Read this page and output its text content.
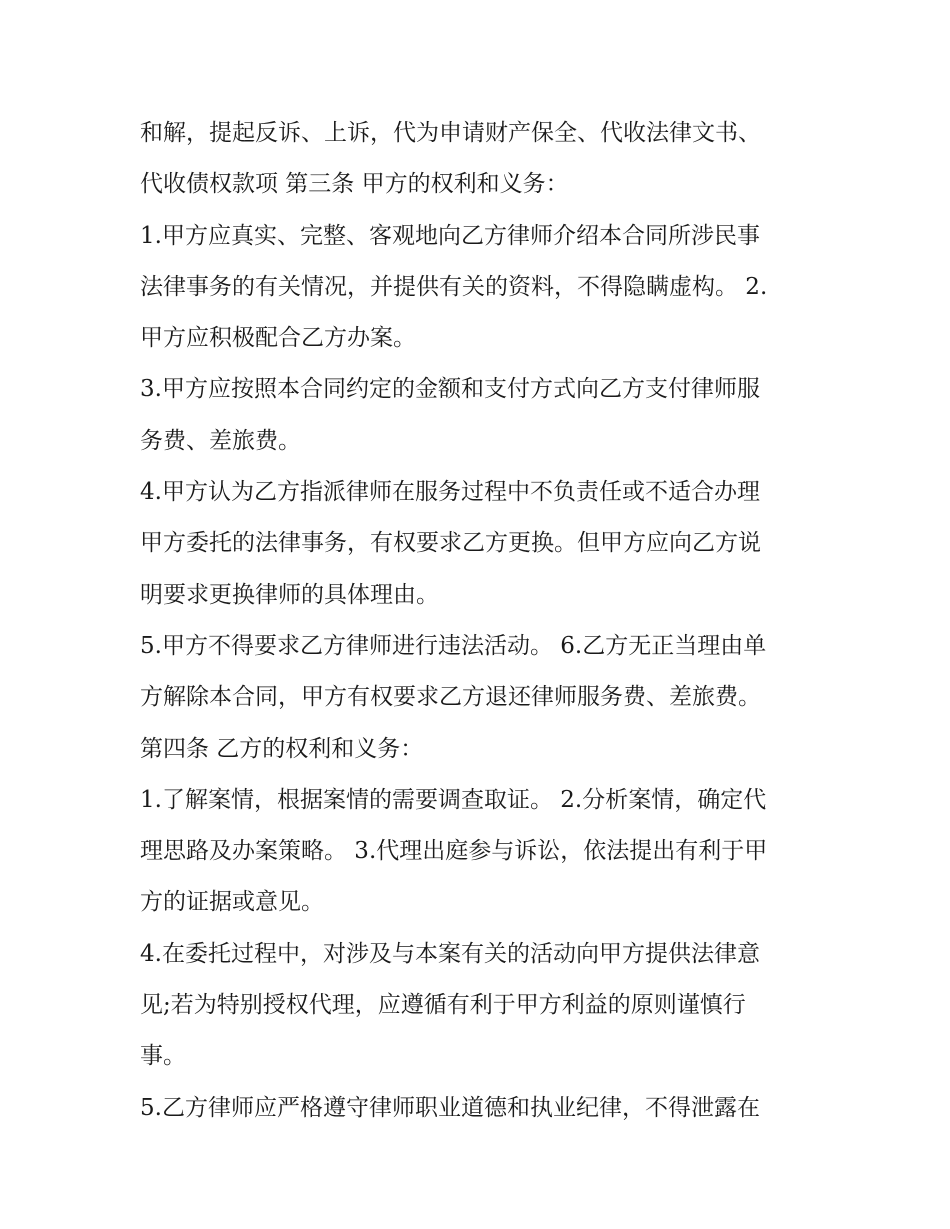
和解，提起反诉、上诉，代为申请财产保全、代收法律文书、
代收债权款项 第三条 甲方的权利和义务：
1.甲方应真实、完整、客观地向乙方律师介绍本合同所涉民事
法律事务的有关情况，并提供有关的资料，不得隐瞒虚构。 2.
甲方应积极配合乙方办案。
3.甲方应按照本合同约定的金额和支付方式向乙方支付律师服
务费、差旅费。
4.甲方认为乙方指派律师在服务过程中不负责任或不适合办理
甲方委托的法律事务，有权要求乙方更换。但甲方应向乙方说
明要求更换律师的具体理由。
5.甲方不得要求乙方律师进行违法活动。 6.乙方无正当理由单
方解除本合同，甲方有权要求乙方退还律师服务费、差旅费。
第四条 乙方的权利和义务：
1.了解案情，根据案情的需要调查取证。 2.分析案情，确定代
理思路及办案策略。 3.代理出庭参与诉讼，依法提出有利于甲
方的证据或意见。
4.在委托过程中，对涉及与本案有关的活动向甲方提供法律意
见;若为特别授权代理，应遵循有利于甲方利益的原则谨慎行
事。
5.乙方律师应严格遵守律师职业道德和执业纪律，不得泄露在
